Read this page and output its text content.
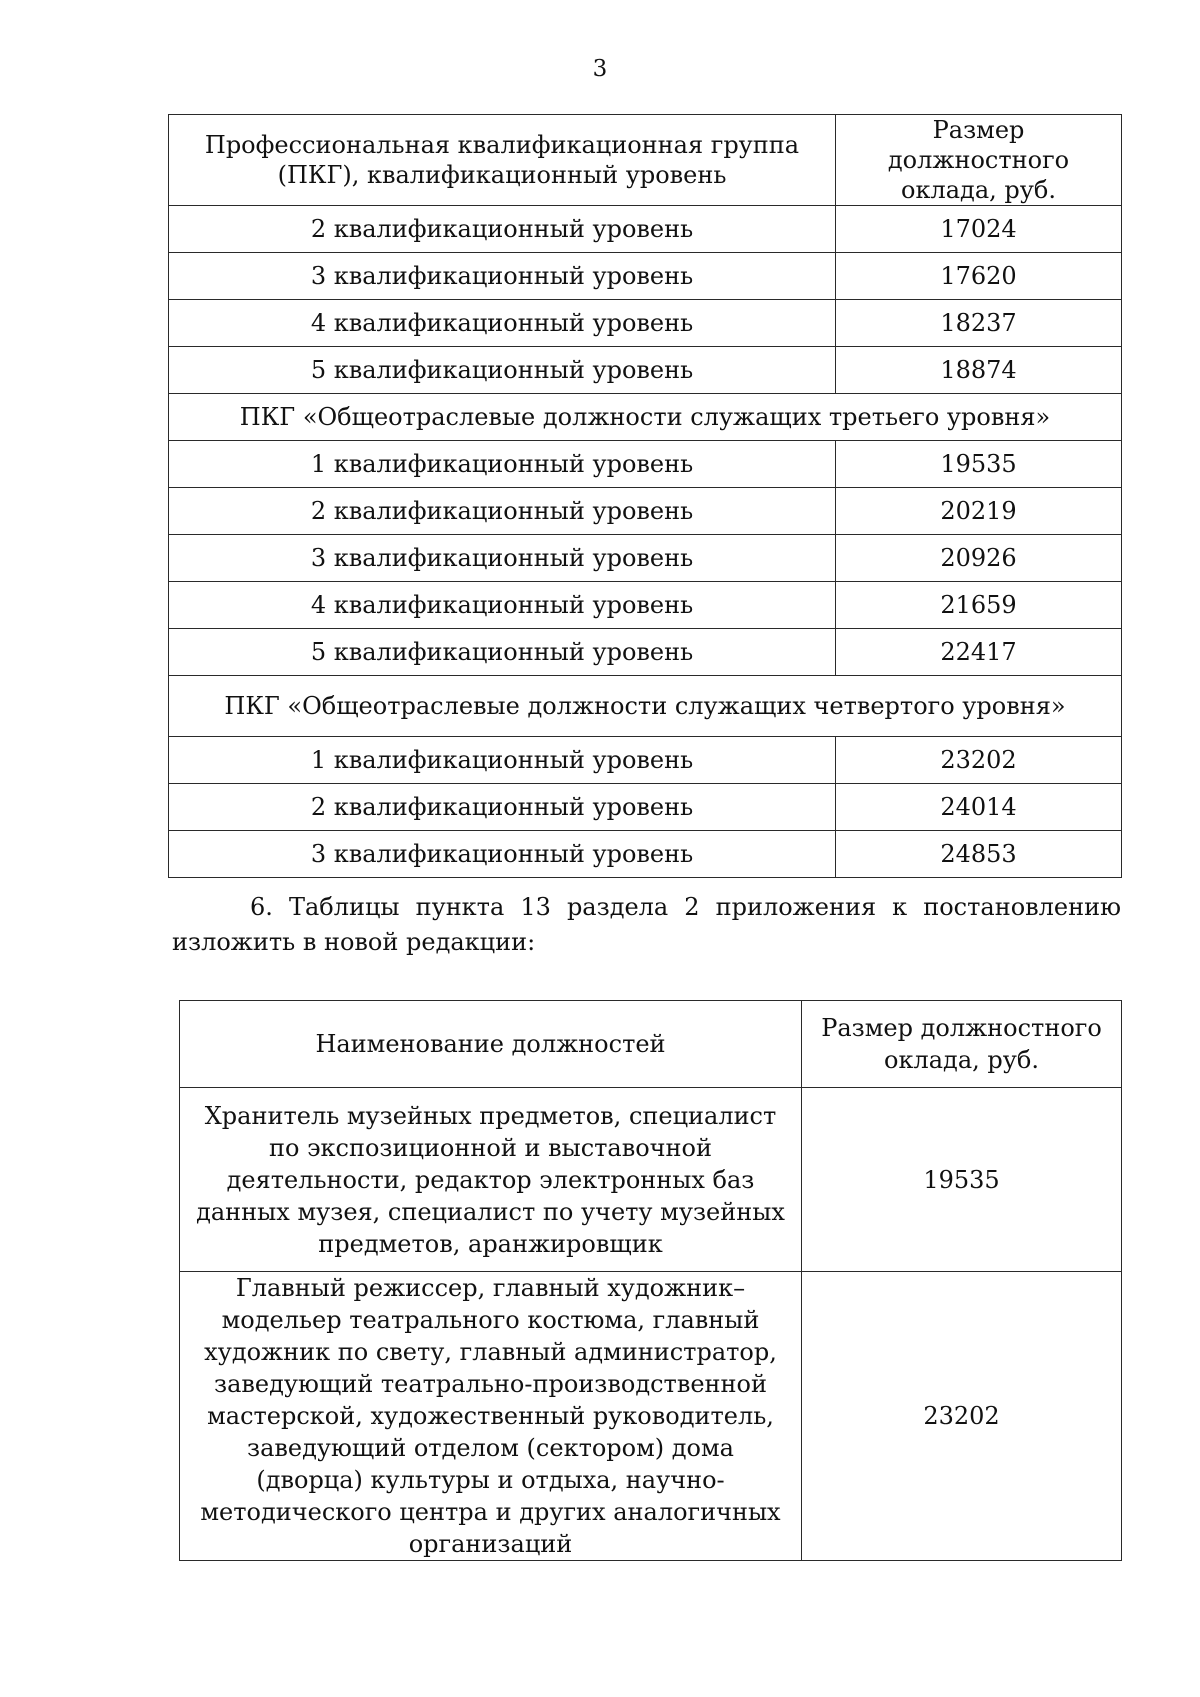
3
Профессиональная квалификационная группа (ПКГ), квалификационный уровень	Размер должностного оклада, руб.
2 квалификационный уровень	17024
3 квалификационный уровень	17620
4 квалификационный уровень	18237
5 квалификационный уровень	18874
ПКГ «Общеотраслевые должности служащих третьего уровня»	
1 квалификационный уровень	19535
2 квалификационный уровень	20219
3 квалификационный уровень	20926
4 квалификационный уровень	21659
5 квалификационный уровень	22417
ПКГ «Общеотраслевые должности служащих четвертого уровня»	
1 квалификационный уровень	23202
2 квалификационный уровень	24014
3 квалификационный уровень	24853

6. Таблицы пункта 13 раздела 2 приложения к постановлению изложить в новой редакции:

Наименование должностей	Размер должностного оклада, руб.
Хранитель музейных предметов, специалист по экспозиционной и выставочной деятельности, редактор электронных баз данных музея, специалист по учету музейных предметов, аранжировщик	19535
Главный режиссер, главный художник–модельер театрального костюма, главный художник по свету, главный администратор, заведующий театрально-производственной мастерской, художественный руководитель, заведующий отделом (сектором) дома (дворца) культуры и отдыха, научно-методического центра и других аналогичных организаций	23202
